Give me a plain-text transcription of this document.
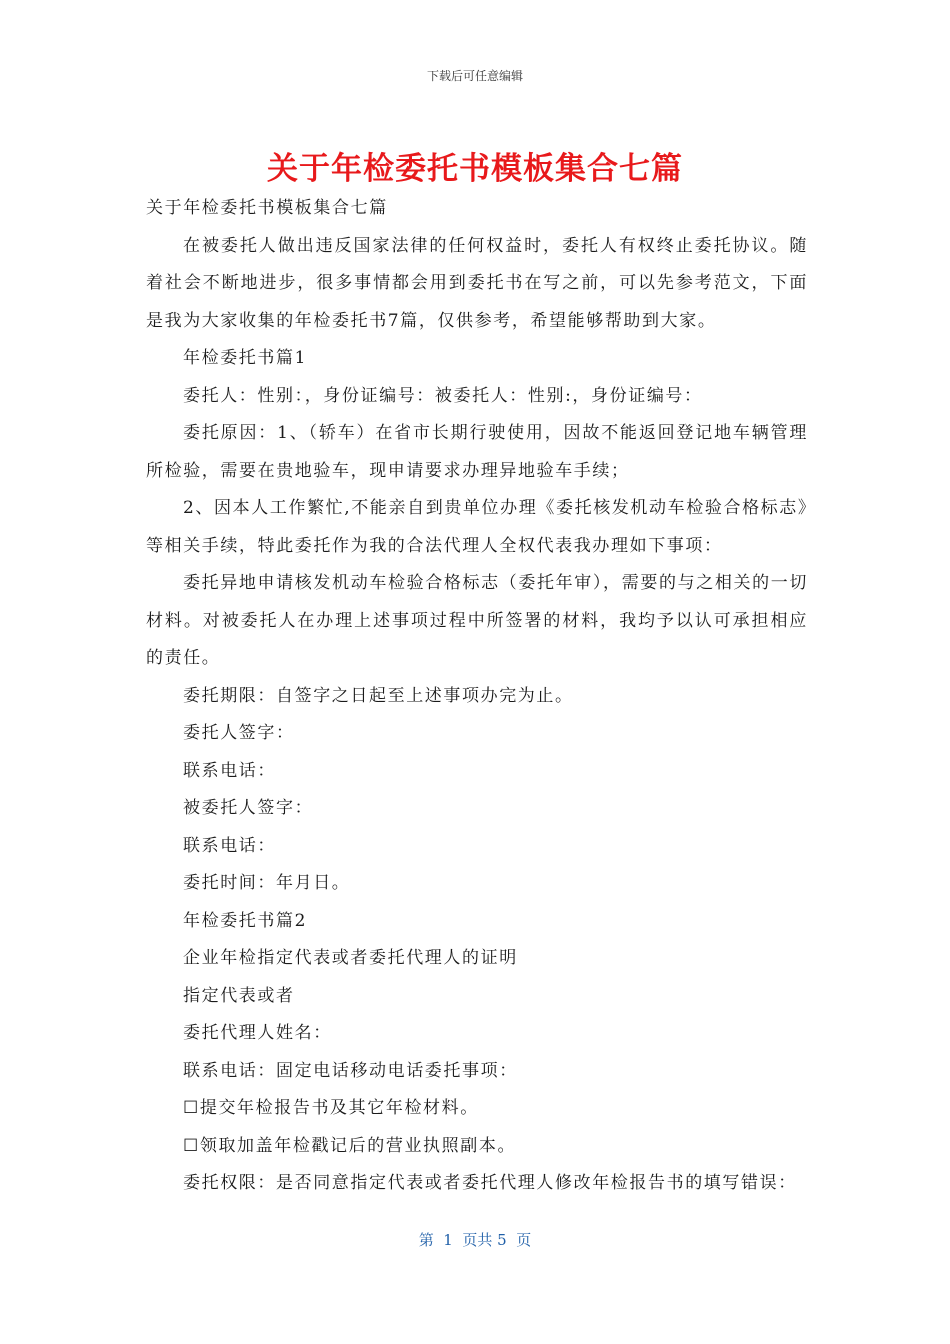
下载后可任意编辑
关于年检委托书模板集合七篇

关于年检委托书模板集合七篇

在被委托人做出违反国家法律的任何权益时，委托人有权终止委托协议。随着社会不断地进步，很多事情都会用到委托书在写之前，可以先参考范文，下面是我为大家收集的年检委托书7篇，仅供参考，希望能够帮助到大家。

年检委托书篇1

委托人：性别：，身份证编号：被委托人：性别:，身份证编号：

委托原因：1、（轿车）在省市长期行驶使用，因故不能返回登记地车辆管理所检验，需要在贵地验车，现申请要求办理异地验车手续；

2、因本人工作繁忙,不能亲自到贵单位办理《委托核发机动车检验合格标志》等相关手续，特此委托作为我的合法代理人全权代表我办理如下事项：

委托异地申请核发机动车检验合格标志（委托年审），需要的与之相关的一切材料。对被委托人在办理上述事项过程中所签署的材料，我均予以认可承担相应的责任。

委托期限：自签字之日起至上述事项办完为止。

委托人签字：

联系电话：

被委托人签字：

联系电话：

委托时间：年月日。

年检委托书篇2

企业年检指定代表或者委托代理人的证明

指定代表或者

委托代理人姓名：

联系电话：固定电话移动电话委托事项：

☐提交年检报告书及其它年检材料。

☐领取加盖年检戳记后的营业执照副本。

委托权限：是否同意指定代表或者委托代理人修改年检报告书的填写错误：

第  1  页共 5  页
